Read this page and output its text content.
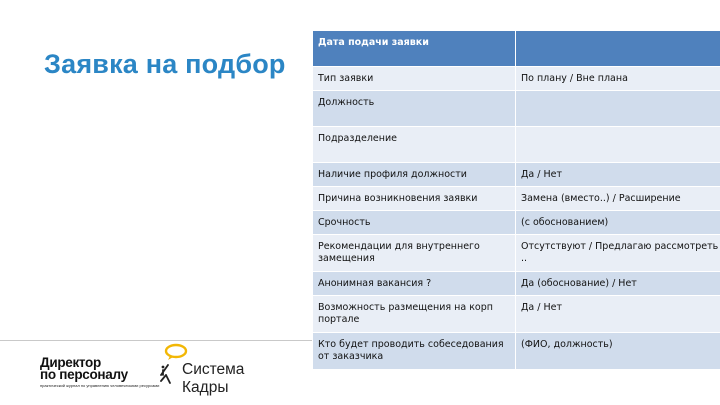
Заявка на подбор
Дата подачи заявки	
Тип заявки	По плану / Вне плана
Должность	
Подразделение	
Наличие профиля должности	Да / Нет
Причина возникновения заявки	Замена (вместо..) / Расширение
Срочность	(с обоснованием)
Рекомендации для внутреннего замещения	Отсутствуют / Предлагаю рассмотреть ..
Анонимная вакансия ?	Да (обоснование) / Нет
Возможность размещения на корп портале	Да / Нет
Кто будет проводить собеседования от заказчика	(ФИО, должность)
Директор
по персоналу
практический журнал по управлению человеческими ресурсами
Система
Кадры
